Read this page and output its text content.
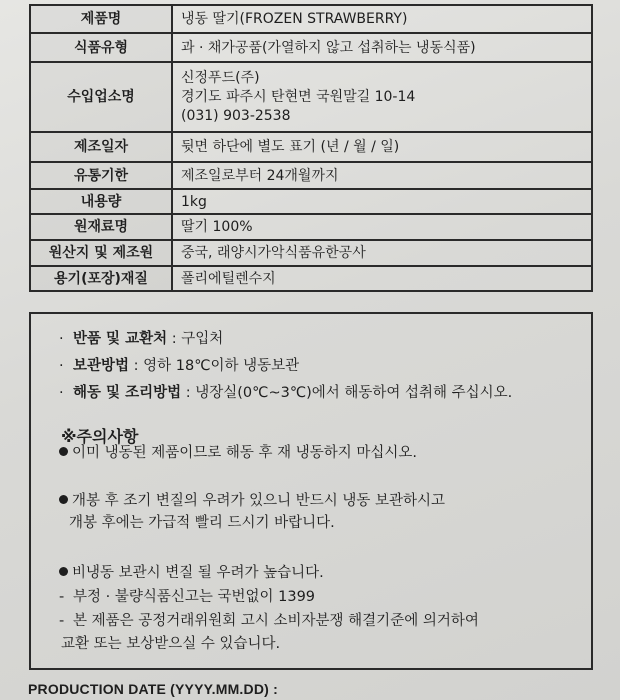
제품명	냉동 딸기(FROZEN STRAWBERRY)
식품유형	과 · 채가공품(가열하지 않고 섭취하는 냉동식품)
수입업소명	신정푸드(주)
경기도 파주시 탄현면 국원말길 10-14
(031) 903-2538

제조일자	뒷면 하단에 별도 표기 (년 / 월 / 일)
유통기한	제조일로부터 24개월까지
내용량	1kg
원재료명	딸기 100%
원산지 및 제조원	중국, 래양시가악식품유한공사
용기(포장)재질	폴리에틸렌수지
· 반품 및 교환처 : 구입처
· 보관방법 : 영하 18℃이하 냉동보관
· 해동 및 조리방법 : 냉장실(0℃~3℃)에서 해동하여 섭취해 주십시오.
※주의사항
이미 냉동된 제품이므로 해동 후 재 냉동하지 마십시오.
개봉 후 조기 변질의 우려가 있으니 반드시 냉동 보관하시고
개봉 후에는 가급적 빨리 드시기 바랍니다.
비냉동 보관시 변질 될 우려가 높습니다.
- 부정 · 불량식품신고는 국번없이 1399
- 본 제품은 공정거래위원회 고시 소비자분쟁 해결기준에 의거하여
교환 또는 보상받으실 수 있습니다.
PRODUCTION DATE (YYYY.MM.DD) :
